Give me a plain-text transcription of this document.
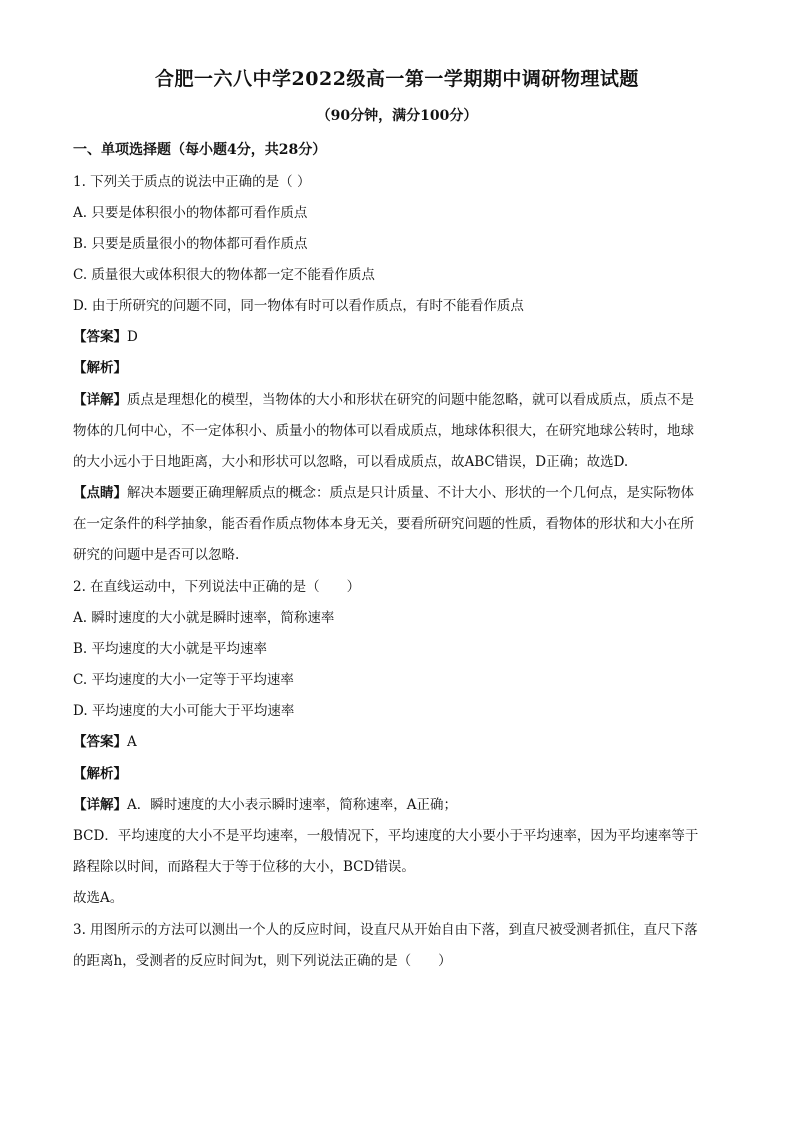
合肥一六八中学2022级高一第一学期期中调研物理试题
（90分钟，满分100分）
一、单项选择题（每小题4分，共28分）
1. 下列关于质点的说法中正确的是（ ）
A. 只要是体积很小的物体都可看作质点
B. 只要是质量很小的物体都可看作质点
C. 质量很大或体积很大的物体都一定不能看作质点
D. 由于所研究的问题不同，同一物体有时可以看作质点，有时不能看作质点
【答案】D
【解析】
【详解】质点是理想化的模型，当物体的大小和形状在研究的问题中能忽略，就可以看成质点，质点不是
物体的几何中心，不一定体积小、质量小的物体可以看成质点，地球体积很大，在研究地球公转时，地球
的大小远小于日地距离，大小和形状可以忽略，可以看成质点，故ABC错误，D正确；故选D.
【点睛】解决本题要正确理解质点的概念：质点是只计质量、不计大小、形状的一个几何点，是实际物体
在一定条件的科学抽象，能否看作质点物体本身无关，要看所研究问题的性质，看物体的形状和大小在所
研究的问题中是否可以忽略.
2. 在直线运动中，下列说法中正确的是（　　）
A. 瞬时速度的大小就是瞬时速率，简称速率
B. 平均速度的大小就是平均速率
C. 平均速度的大小一定等于平均速率
D. 平均速度的大小可能大于平均速率
【答案】A
【解析】
【详解】A．瞬时速度的大小表示瞬时速率，简称速率，A正确；
BCD．平均速度的大小不是平均速率，一般情况下，平均速度的大小要小于平均速率，因为平均速率等于
路程除以时间，而路程大于等于位移的大小，BCD错误。
故选A。
3. 用图所示的方法可以测出一个人的反应时间，设直尺从开始自由下落，到直尺被受测者抓住，直尺下落
的距离h，受测者的反应时间为t，则下列说法正确的是（　　）
